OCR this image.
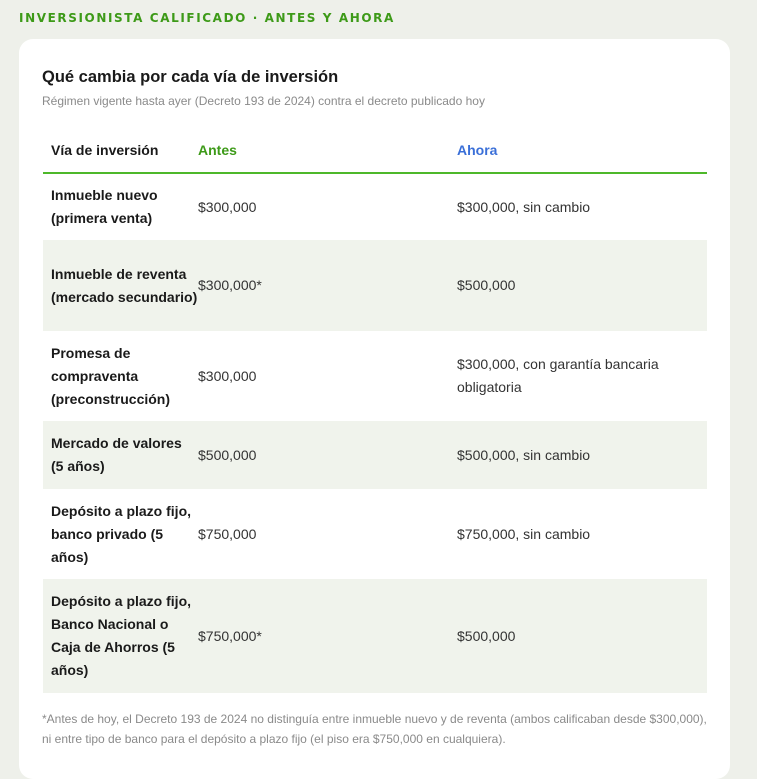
INVERSIONISTA CALIFICADO · ANTES Y AHORA
Qué cambia por cada vía de inversión
Régimen vigente hasta ayer (Decreto 193 de 2024) contra el decreto publicado hoy
Vía de inversión	Antes	Ahora
Inmueble nuevo (primera venta)	$300,000	$300,000, sin cambio
Inmueble de reventa (mercado secundario)	$300,000*	$500,000
Promesa de compraventa (preconstrucción)	$300,000	$300,000, con garantía bancaria obligatoria
Mercado de valores (5 años)	$500,000	$500,000, sin cambio
Depósito a plazo fijo, banco privado (5 años)	$750,000	$750,000, sin cambio
Depósito a plazo fijo, Banco Nacional o Caja de Ahorros (5 años)	$750,000*	$500,000
*Antes de hoy, el Decreto 193 de 2024 no distinguía entre inmueble nuevo y de reventa (ambos calificaban desde $300,000), ni entre tipo de banco para el depósito a plazo fijo (el piso era $750,000 en cualquiera).
